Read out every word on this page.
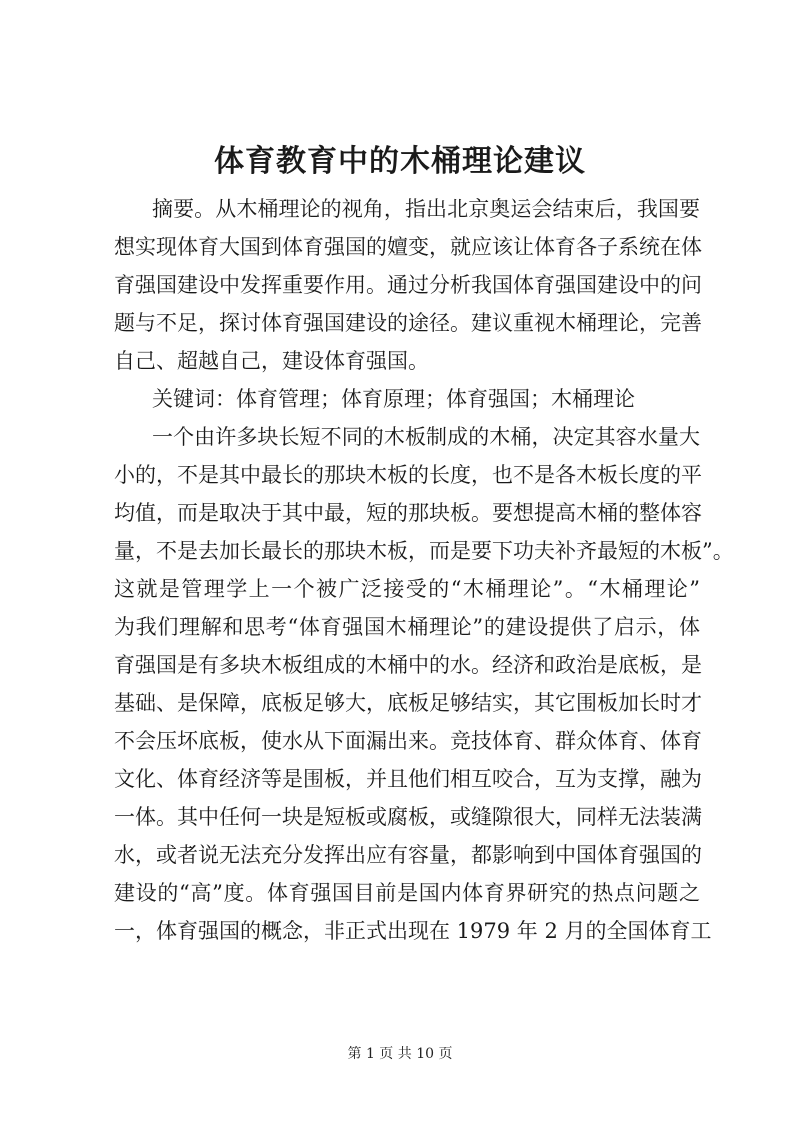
体育教育中的木桶理论建议
摘要。从木桶理论的视角，指出北京奥运会结束后，我国要
想实现体育大国到体育强国的嬗变，就应该让体育各子系统在体
育强国建设中发挥重要作用。通过分析我国体育强国建设中的问
题与不足，探讨体育强国建设的途径。建议重视木桶理论，完善
自己、超越自己，建设体育强国。
关键词：体育管理；体育原理；体育强国；木桶理论
一个由许多块长短不同的木板制成的木桶，决定其容水量大
小的，不是其中最长的那块木板的长度，也不是各木板长度的平
均值，而是取决于其中最，短的那块板。要想提高木桶的整体容
量，不是去加长最长的那块木板，而是要下功夫补齐最短的木板”。
这就是管理学上一个被广泛接受的“木桶理论”。“木桶理论”
为我们理解和思考“体育强国木桶理论”的建设提供了启示，体
育强国是有多块木板组成的木桶中的水。经济和政治是底板，是
基础、是保障，底板足够大，底板足够结实，其它围板加长时才
不会压坏底板，使水从下面漏出来。竞技体育、群众体育、体育
文化、体育经济等是围板，并且他们相互咬合，互为支撑，融为
一体。其中任何一块是短板或腐板，或缝隙很大，同样无法装满
水，或者说无法充分发挥出应有容量，都影响到中国体育强国的
建设的“高”度。体育强国目前是国内体育界研究的热点问题之
一，体育强国的概念，非正式出现在 1979 年 2 月的全国体育工
第 1 页 共 10 页
